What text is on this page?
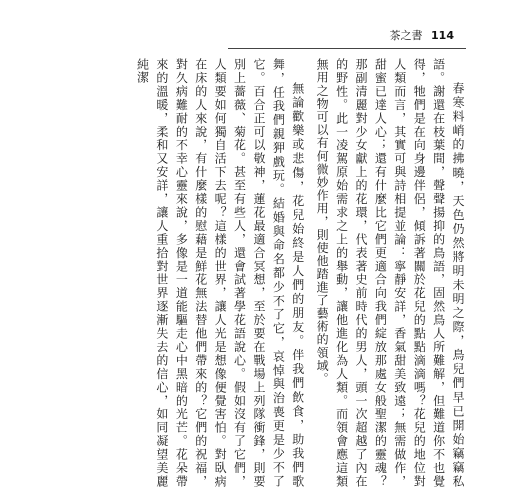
茶之書 114

春寒料峭的拂曉，天色仍然將明未明之際，鳥兒們早已開始竊竊私語。謝還在枝葉間，聲聲揚抑的鳥語，固然鳥人所難解，但難道你不也覺得，牠們是在向身邊伴侶，傾訴著關於花兒的點點滴滴嗎？花兒的地位對人類而言，其實可與詩相提並論：寧靜安詳，香氣甜美致遠；無需做作，甜蜜已達人心；還有什麼比它們更適合向我們綻放那處女般聖潔的靈魂？那副清麗對少女獻上的花環，代表著史前時代的男人，頭一次超越了內在的野性。此一凌駕原始需求之上的舉動，讓他進化為人類。而領會應這類無用之物可以有何微妙作用，則使他踏進了藝術的領域。

無論歡樂或悲傷，花兒始終是人們的朋友。伴我們飲食，助我們歌舞，任我們親狎戲玩。結婚與命名都少不了它，哀悼與治喪更是少不了它。百合正可以敬神，蓮花最適合冥想，至於要在戰場上列隊衝鋒，則要別上薔薇、菊花。甚至有些人，還會試著學花語說心。假如沒有了它們，人類要如何獨自活下去呢？這樣的世界，讓人光是想像便覺害怕。對臥病在床的人來說，有什麼樣的慰藉是鮮花無法替他們帶來的？它們的祝福，對久病難耐的不幸心靈來說，多像是一道能驅走心中黑暗的光芒。花朵帶來的溫暖，柔和又安詳，讓人重拾對世界逐漸失去的信心，如同凝望美麗純潔
